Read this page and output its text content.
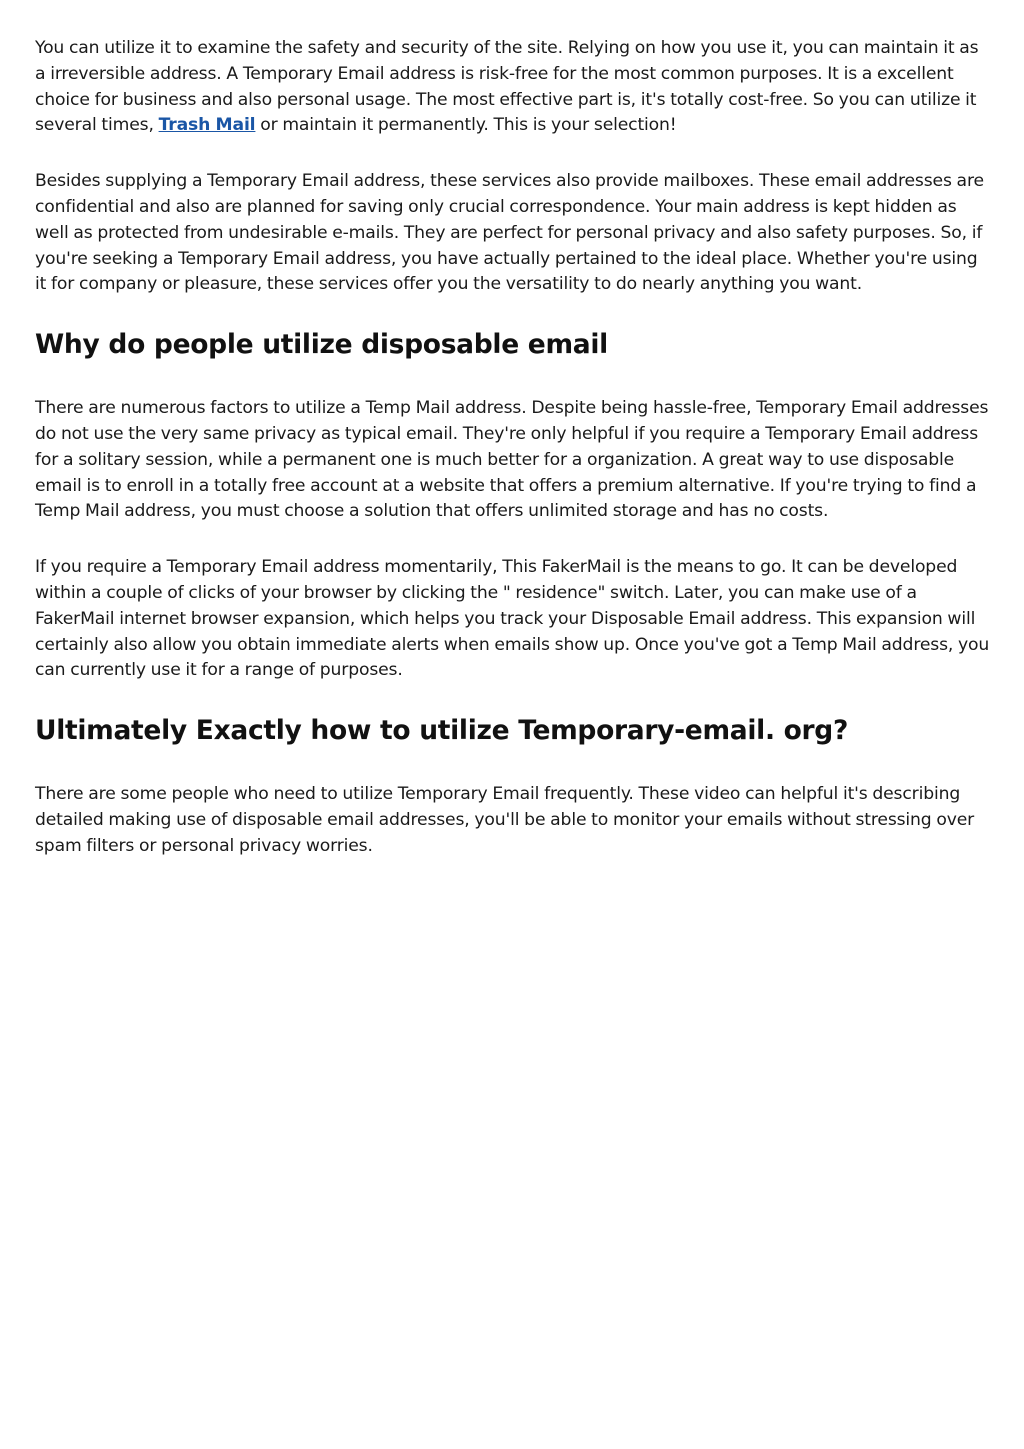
You can utilize it to examine the safety and security of the site. Relying on how you use it, you can maintain it as a irreversible address. A Temporary Email address is risk-free for the most common purposes. It is a excellent choice for business and also personal usage. The most effective part is, it's totally cost-free. So you can utilize it several times, Trash Mail or maintain it permanently. This is your selection!

Besides supplying a Temporary Email address, these services also provide mailboxes. These email addresses are confidential and also are planned for saving only crucial correspondence. Your main address is kept hidden as well as protected from undesirable e-mails. They are perfect for personal privacy and also safety purposes. So, if you're seeking a Temporary Email address, you have actually pertained to the ideal place. Whether you're using it for company or pleasure, these services offer you the versatility to do nearly anything you want.

Why do people utilize disposable email

There are numerous factors to utilize a Temp Mail address. Despite being hassle-free, Temporary Email addresses do not use the very same privacy as typical email. They're only helpful if you require a Temporary Email address for a solitary session, while a permanent one is much better for a organization. A great way to use disposable email is to enroll in a totally free account at a website that offers a premium alternative. If you're trying to find a Temp Mail address, you must choose a solution that offers unlimited storage and has no costs.

If you require a Temporary Email address momentarily, This FakerMail is the means to go. It can be developed within a couple of clicks of your browser by clicking the " residence" switch. Later, you can make use of a FakerMail internet browser expansion, which helps you track your Disposable Email address. This expansion will certainly also allow you obtain immediate alerts when emails show up. Once you've got a Temp Mail address, you can currently use it for a range of purposes.

Ultimately Exactly how to utilize Temporary-email. org?

There are some people who need to utilize Temporary Email frequently. These video can helpful it's describing detailed making use of disposable email addresses, you'll be able to monitor your emails without stressing over spam filters or personal privacy worries.
